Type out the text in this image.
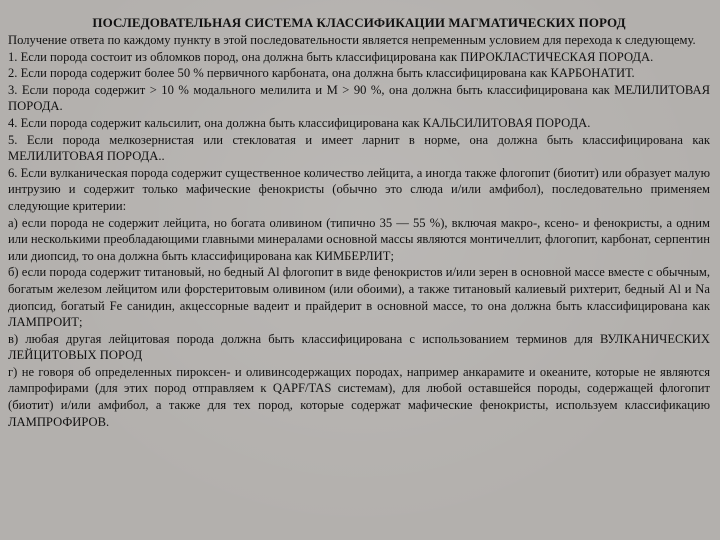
ПОСЛЕДОВАТЕЛЬНАЯ СИСТЕМА КЛАССИФИКАЦИИ МАГМАТИЧЕСКИХ ПОРОД

Получение ответа по каждому пункту в этой последовательности является непременным условием для перехода к следующему.

1. Если порода состоит из обломков пород, она должна быть классифицирована как ПИРОКЛАСТИЧЕСКАЯ ПОРОДА.

2. Если порода содержит более 50 % первичного карбоната, она должна быть классифицирована как КАРБОНАТИТ.

3. Если порода содержит > 10 % модального мелилита и M > 90 %, она должна быть классифицирована как МЕЛИЛИТОВАЯ ПОРОДА.

4. Если порода содержит кальсилит, она должна быть классифицирована как КАЛЬСИЛИТОВАЯ ПОРОДА.

5. Если порода мелкозернистая или стекловатая и имеет ларнит в норме, она должна быть классифицирована как МЕЛИЛИТОВАЯ ПОРОДА..

6. Если вулканическая порода содержит существенное количество лейцита, а иногда также флогопит (биотит) или образует малую интрузию и содержит только мафические фенокристы (обычно это слюда и/или амфибол), последовательно применяем следующие критерии:

а) если порода не содержит лейцита, но богата оливином (типично 35 — 55 %), включая макро-, ксено- и фенокристы, а одним или несколькими преобладающими главными минералами основной массы являются монтичеллит, флогопит, карбонат, серпентин или диопсид, то она должна быть классифицирована как КИМБЕРЛИТ;

б) если порода содержит титановый, но бедный Al флогопит в виде фенокристов и/или зерен в основной массе вместе с обычным, богатым железом лейцитом или форстеритовым оливином (или обоими), а также титановый калиевый рихтерит, бедный Al и Na диопсид, богатый Fe санидин, акцессорные вадеит и прайдерит в основной массе, то она должна быть классифицирована как ЛАМПРОИТ;

в) любая другая лейцитовая порода должна быть классифицирована с использованием терминов для ВУЛКАНИЧЕСКИХ ЛЕЙЦИТОВЫХ ПОРОД

г) не говоря об определенных пироксен- и оливинсодержащих породах, например анкарамите и океаните, которые не являются лампрофирами (для этих пород отправляем к QAPF/TAS системам), для любой оставшейся породы, содержащей флогопит (биотит) и/или амфибол, а также для тех пород, которые содержат мафические фенокристы, используем классификацию ЛАМПРОФИРОВ.
